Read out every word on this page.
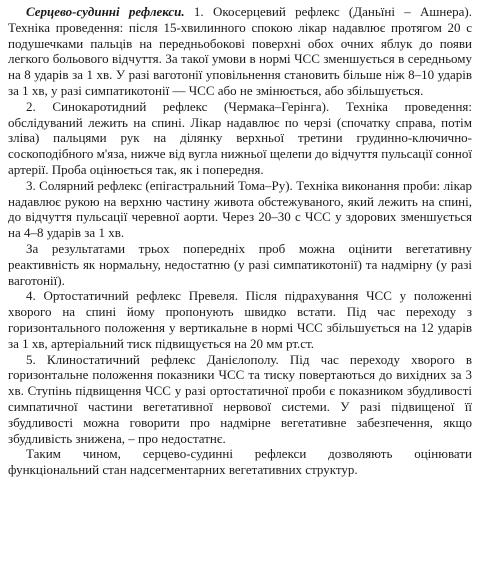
Серцево-судинні рефлекси. 1. Окосерцевий рефлекс (Даньїні – Ашнера). Техніка проведення: після 15-хвилинного спокою лікар надавлює протягом 20 с подушечками пальців на передньобокові поверхні обох очних яблук до появи легкого больового відчуття. За такої умови в нормі ЧСС зменшується в середньому на 8 ударів за 1 хв. У разі ваготонії уповільнення становить більше ніж 8–10 ударів за 1 хв, у разі симпатикотонії — ЧСС або не змінюється, або збільшується.

2. Синокаротидний рефлекс (Чермака–Герінга). Техніка проведення: обслідуваний лежить на спині. Лікар надавлює по черзі (спочатку справа, потім зліва) пальцями рук на ділянку верхньої третини грудинно-ключично-соскоподібного м'яза, нижче від вугла нижньої щелепи до відчуття пульсації сонної артерії. Проба оцінюється так, як і попередня.

3. Солярний рефлекс (епігастральний Тома–Ру). Техніка виконання проби: лікар надавлює рукою на верхню частину живота обстежуваного, який лежить на спині, до відчуття пульсації черевної аорти. Через 20–30 с ЧСС у здорових зменшується на 4–8 ударів за 1 хв.

За результатами трьох попередніх проб можна оцінити вегетативну реактивність як нормальну, недостатню (у разі симпатикотонії) та надмірну (у разі ваготонії).

4. Ортостатичний рефлекс Превеля. Після підрахування ЧСС у положенні хворого на спині йому пропонують швидко встати. Під час переходу з горизонтального положення у вертикальне в нормі ЧСС збільшується на 12 ударів за 1 хв, артеріальний тиск підвищується на 20 мм рт.ст.

5. Клиностатичний рефлекс Данієлополу. Під час переходу хворого в горизонтальне положення показники ЧСС та тиску повертаються до вихідних за 3 хв. Ступінь підвищення ЧСС у разі ортостатичної проби є показником збудливості симпатичної частини вегетативної нервової системи. У разі підвищеної її збудливості можна говорити про надмірне вегетативне забезпечення, якщо збудливість знижена, – про недостатнє.

Таким чином, серцево-судинні рефлекси дозволяють оцінювати функціональний стан надсегментарних вегетативних структур.
